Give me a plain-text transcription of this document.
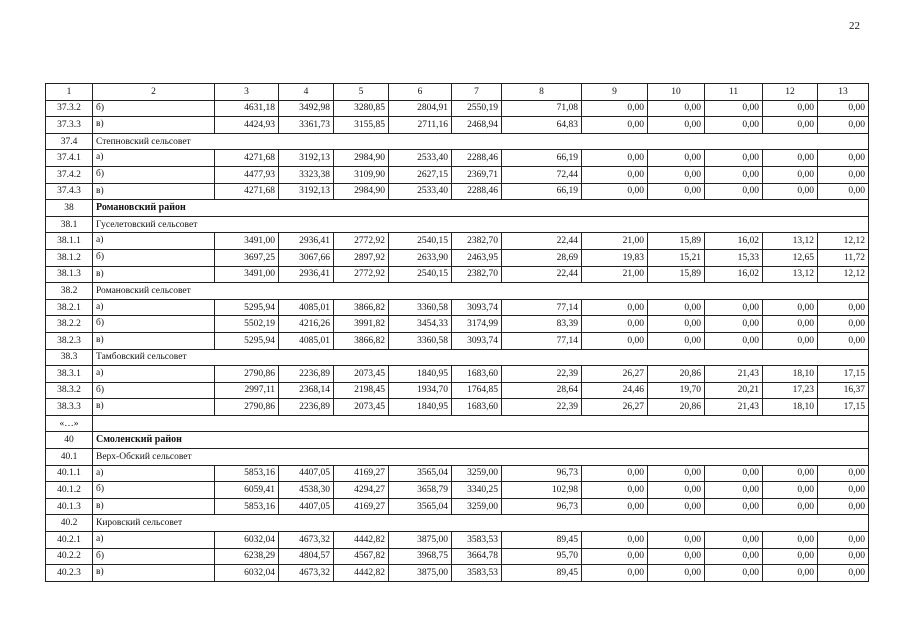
22
1	2	3	4	5	6	7	8	9	10	11	12	13
37.3.2	б)	4631,18	3492,98	3280,85	2804,91	2550,19	71,08	0,00	0,00	0,00	0,00	0,00
37.3.3	в)	4424,93	3361,73	3155,85	2711,16	2468,94	64,83	0,00	0,00	0,00	0,00	0,00
37.4	Степновский сельсовет											
37.4.1	а)	4271,68	3192,13	2984,90	2533,40	2288,46	66,19	0,00	0,00	0,00	0,00	0,00
37.4.2	б)	4477,93	3323,38	3109,90	2627,15	2369,71	72,44	0,00	0,00	0,00	0,00	0,00
37.4.3	в)	4271,68	3192,13	2984,90	2533,40	2288,46	66,19	0,00	0,00	0,00	0,00	0,00
38	Романовский район											
38.1	Гуселетовский сельсовет											
38.1.1	а)	3491,00	2936,41	2772,92	2540,15	2382,70	22,44	21,00	15,89	16,02	13,12	12,12
38.1.2	б)	3697,25	3067,66	2897,92	2633,90	2463,95	28,69	19,83	15,21	15,33	12,65	11,72
38.1.3	в)	3491,00	2936,41	2772,92	2540,15	2382,70	22,44	21,00	15,89	16,02	13,12	12,12
38.2	Романовский сельсовет											
38.2.1	а)	5295,94	4085,01	3866,82	3360,58	3093,74	77,14	0,00	0,00	0,00	0,00	0,00
38.2.2	б)	5502,19	4216,26	3991,82	3454,33	3174,99	83,39	0,00	0,00	0,00	0,00	0,00
38.2.3	в)	5295,94	4085,01	3866,82	3360,58	3093,74	77,14	0,00	0,00	0,00	0,00	0,00
38.3	Тамбовский сельсовет											
38.3.1	а)	2790,86	2236,89	2073,45	1840,95	1683,60	22,39	26,27	20,86	21,43	18,10	17,15
38.3.2	б)	2997,11	2368,14	2198,45	1934,70	1764,85	28,64	24,46	19,70	20,21	17,23	16,37
38.3.3	в)	2790,86	2236,89	2073,45	1840,95	1683,60	22,39	26,27	20,86	21,43	18,10	17,15
«…»												
40	Смоленский район											
40.1	Верх-Обский сельсовет											
40.1.1	а)	5853,16	4407,05	4169,27	3565,04	3259,00	96,73	0,00	0,00	0,00	0,00	0,00
40.1.2	б)	6059,41	4538,30	4294,27	3658,79	3340,25	102,98	0,00	0,00	0,00	0,00	0,00
40.1.3	в)	5853,16	4407,05	4169,27	3565,04	3259,00	96,73	0,00	0,00	0,00	0,00	0,00
40.2	Кировский сельсовет											
40.2.1	а)	6032,04	4673,32	4442,82	3875,00	3583,53	89,45	0,00	0,00	0,00	0,00	0,00
40.2.2	б)	6238,29	4804,57	4567,82	3968,75	3664,78	95,70	0,00	0,00	0,00	0,00	0,00
40.2.3	в)	6032,04	4673,32	4442,82	3875,00	3583,53	89,45	0,00	0,00	0,00	0,00	0,00
